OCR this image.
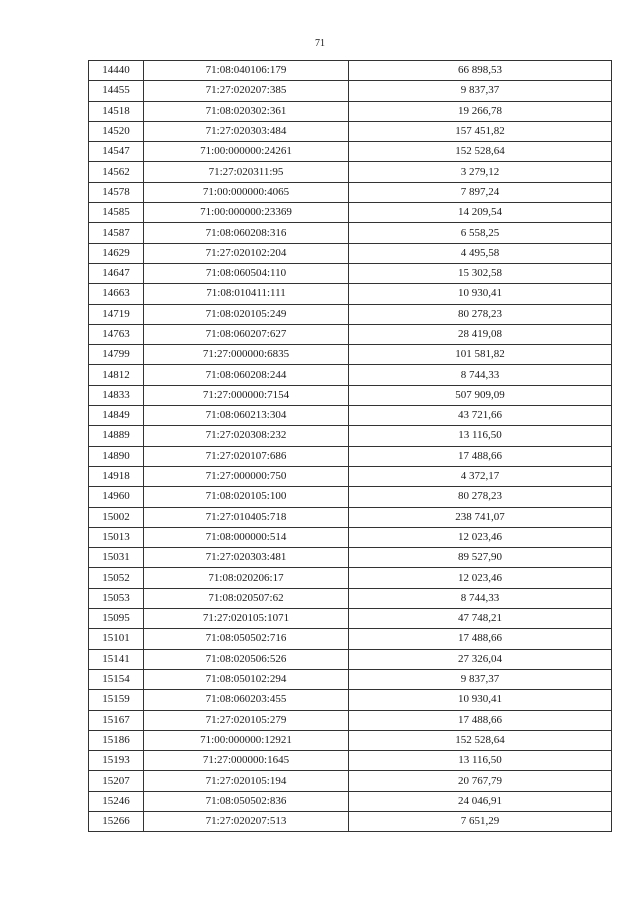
71
14440	71:08:040106:179	66 898,53
14455	71:27:020207:385	9 837,37
14518	71:08:020302:361	19 266,78
14520	71:27:020303:484	157 451,82
14547	71:00:000000:24261	152 528,64
14562	71:27:020311:95	3 279,12
14578	71:00:000000:4065	7 897,24
14585	71:00:000000:23369	14 209,54
14587	71:08:060208:316	6 558,25
14629	71:27:020102:204	4 495,58
14647	71:08:060504:110	15 302,58
14663	71:08:010411:111	10 930,41
14719	71:08:020105:249	80 278,23
14763	71:08:060207:627	28 419,08
14799	71:27:000000:6835	101 581,82
14812	71:08:060208:244	8 744,33
14833	71:27:000000:7154	507 909,09
14849	71:08:060213:304	43 721,66
14889	71:27:020308:232	13 116,50
14890	71:27:020107:686	17 488,66
14918	71:27:000000:750	4 372,17
14960	71:08:020105:100	80 278,23
15002	71:27:010405:718	238 741,07
15013	71:08:000000:514	12 023,46
15031	71:27:020303:481	89 527,90
15052	71:08:020206:17	12 023,46
15053	71:08:020507:62	8 744,33
15095	71:27:020105:1071	47 748,21
15101	71:08:050502:716	17 488,66
15141	71:08:020506:526	27 326,04
15154	71:08:050102:294	9 837,37
15159	71:08:060203:455	10 930,41
15167	71:27:020105:279	17 488,66
15186	71:00:000000:12921	152 528,64
15193	71:27:000000:1645	13 116,50
15207	71:27:020105:194	20 767,79
15246	71:08:050502:836	24 046,91
15266	71:27:020207:513	7 651,29
